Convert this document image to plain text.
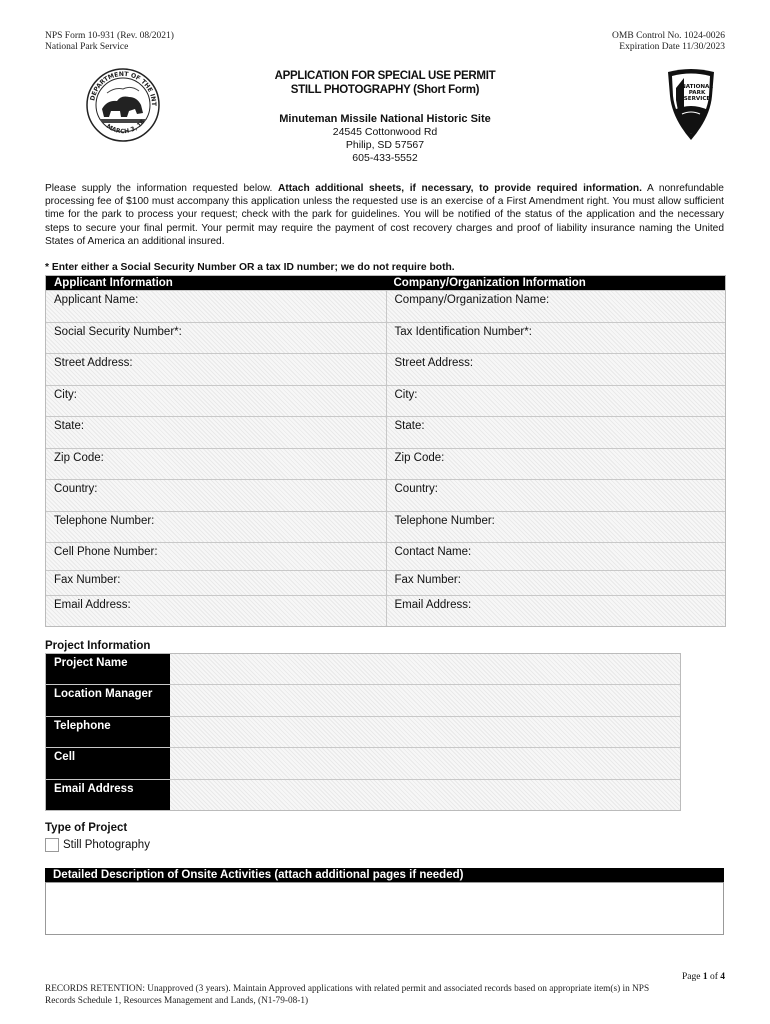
NPS Form 10-931 (Rev. 08/2021)
National Park Service
OMB Control No. 1024-0026
Expiration Date 11/30/2023
DEPARTMENT OF THE INT
MARCH 3, 18
NATIONAL
PARK
SERVICE
APPLICATION FOR SPECIAL USE PERMIT
STILL PHOTOGRAPHY (Short Form)
Minuteman Missile National Historic Site
24545 Cottonwood Rd
Philip, SD 57567
605-433-5552
Please supply the information requested below. Attach additional sheets, if necessary, to provide required information. A nonrefundable processing fee of $100 must accompany this application unless the requested use is an exercise of a First Amendment right. You must allow sufficient time for the park to process your request; check with the park for guidelines. You will be notified of the status of the application and the necessary steps to secure your final permit. Your permit may require the payment of cost recovery charges and proof of liability insurance naming the United States of America an additional insured.
* Enter either a Social Security Number OR a tax ID number; we do not require both.
Applicant Information	Company/Organization Information
Applicant Name:	Company/Organization Name:
Social Security Number*:	Tax Identification Number*:
Street Address:	Street Address:
City:	City:
State:	State:
Zip Code:	Zip Code:
Country:	Country:
Telephone Number:	Telephone Number:
Cell Phone Number:	Contact Name:
Fax Number:	Fax Number:
Email Address:	Email Address:
Project Information
Project Name
Location Manager
Telephone
Cell
Email Address
Type of Project
Still Photography
Detailed Description of Onsite Activities (attach additional pages if needed)
Page 1 of 4
RECORDS RETENTION: Unapproved (3 years). Maintain Approved applications with related permit and associated records based on appropriate item(s) in NPS
Records Schedule 1, Resources Management and Lands, (N1-79-08-1)
